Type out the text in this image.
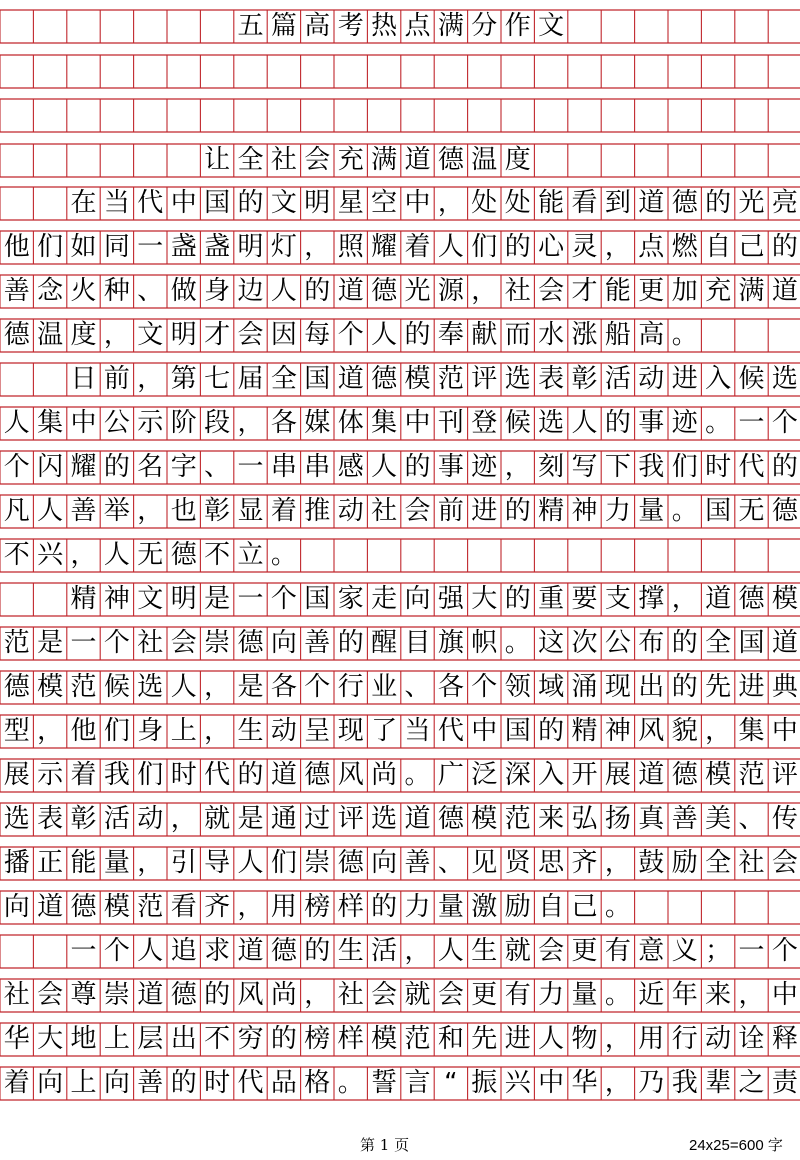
五 篇 高 考 热 点 满 分 作 文
让 全 社 会 充 满 道 德 温 度
在 当 代 中 国 的 文 明 星 空 中 ， 处 处 能 看 到 道 德 的 光 亮
他 们 如 同 一 盏 盏 明 灯 ， 照 耀 着 人 们 的 心 灵 ， 点 燃 自 己 的
善 念 火 种 、 做 身 边 人 的 道 德 光 源 ， 社 会 才 能 更 加 充 满 道
德 温 度 ， 文 明 才 会 因 每 个 人 的 奉 献 而 水 涨 船 高 。
日 前 ， 第 七 届 全 国 道 德 模 范 评 选 表 彰 活 动 进 入 候 选
人 集 中 公 示 阶 段 ， 各 媒 体 集 中 刊 登 候 选 人 的 事 迹 。 一 个
个 闪 耀 的 名 字 、 一 串 串 感 人 的 事 迹 ， 刻 写 下 我 们 时 代 的
凡 人 善 举 ， 也 彰 显 着 推 动 社 会 前 进 的 精 神 力 量 。 国 无 德
不 兴 ， 人 无 德 不 立 。
精 神 文 明 是 一 个 国 家 走 向 强 大 的 重 要 支 撑 ， 道 德 模
范 是 一 个 社 会 崇 德 向 善 的 醒 目 旗 帜 。 这 次 公 布 的 全 国 道
德 模 范 候 选 人 ， 是 各 个 行 业 、 各 个 领 域 涌 现 出 的 先 进 典
型 ， 他 们 身 上 ， 生 动 呈 现 了 当 代 中 国 的 精 神 风 貌 ， 集 中
展 示 着 我 们 时 代 的 道 德 风 尚 。 广 泛 深 入 开 展 道 德 模 范 评
选 表 彰 活 动 ， 就 是 通 过 评 选 道 德 模 范 来 弘 扬 真 善 美 、 传
播 正 能 量 ， 引 导 人 们 崇 德 向 善 、 见 贤 思 齐 ， 鼓 励 全 社 会
向 道 德 模 范 看 齐 ， 用 榜 样 的 力 量 激 励 自 己 。
一 个 人 追 求 道 德 的 生 活 ， 人 生 就 会 更 有 意 义 ； 一 个
社 会 尊 崇 道 德 的 风 尚 ， 社 会 就 会 更 有 力 量 。 近 年 来 ， 中
华 大 地 上 层 出 不 穷 的 榜 样 模 范 和 先 进 人 物 ， 用 行 动 诠 释
着 向 上 向 善 的 时 代 品 格 。 誓 言 “ 振 兴 中 华 ， 乃 我 辈 之 责
第 1 页	24x25=600 字
